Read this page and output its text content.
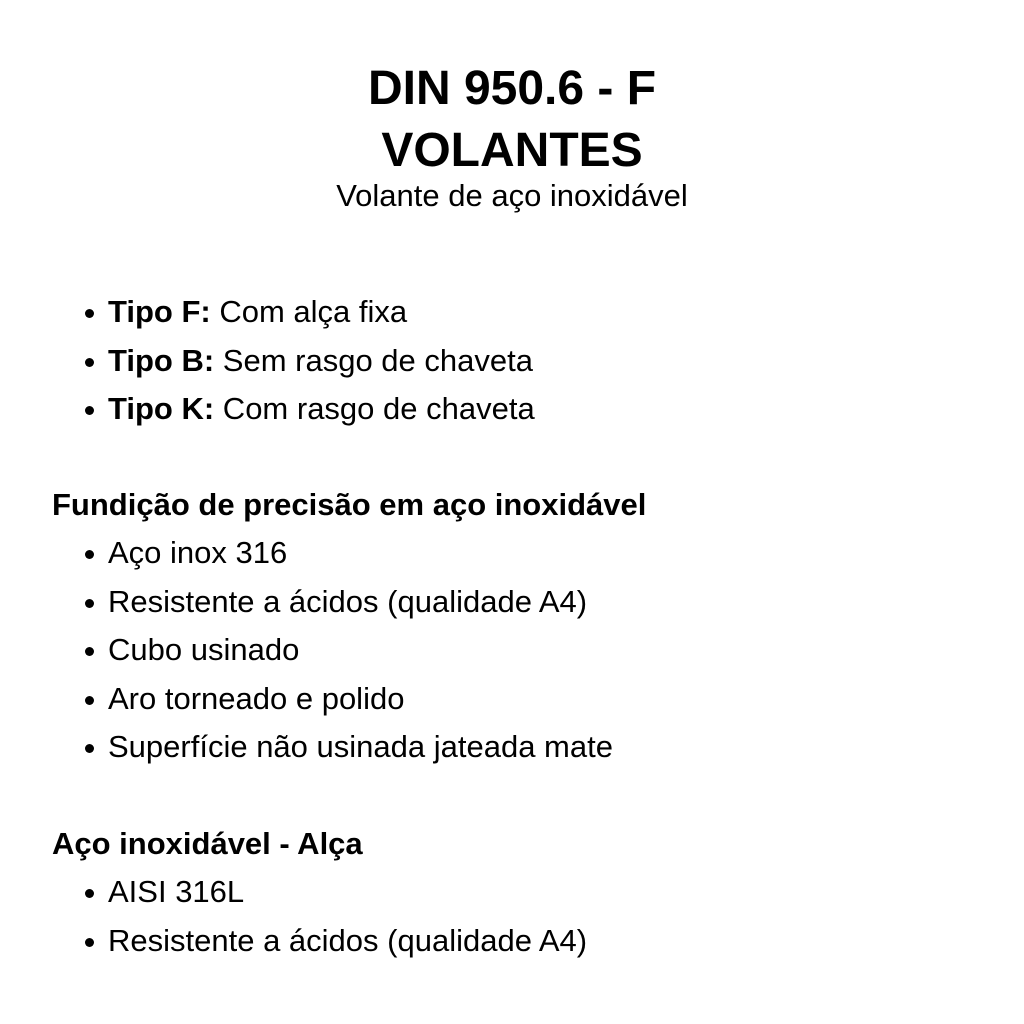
DIN 950.6 - F
VOLANTES
Volante de aço inoxidável
Tipo F: Com alça fixa
Tipo B: Sem rasgo de chaveta
Tipo K: Com rasgo de chaveta
Fundição de precisão em aço inoxidável
Aço inox 316
Resistente a ácidos (qualidade A4)
Cubo usinado
Aro torneado e polido
Superfície não usinada jateada mate
Aço inoxidável - Alça
AISI 316L
Resistente a ácidos (qualidade A4)
